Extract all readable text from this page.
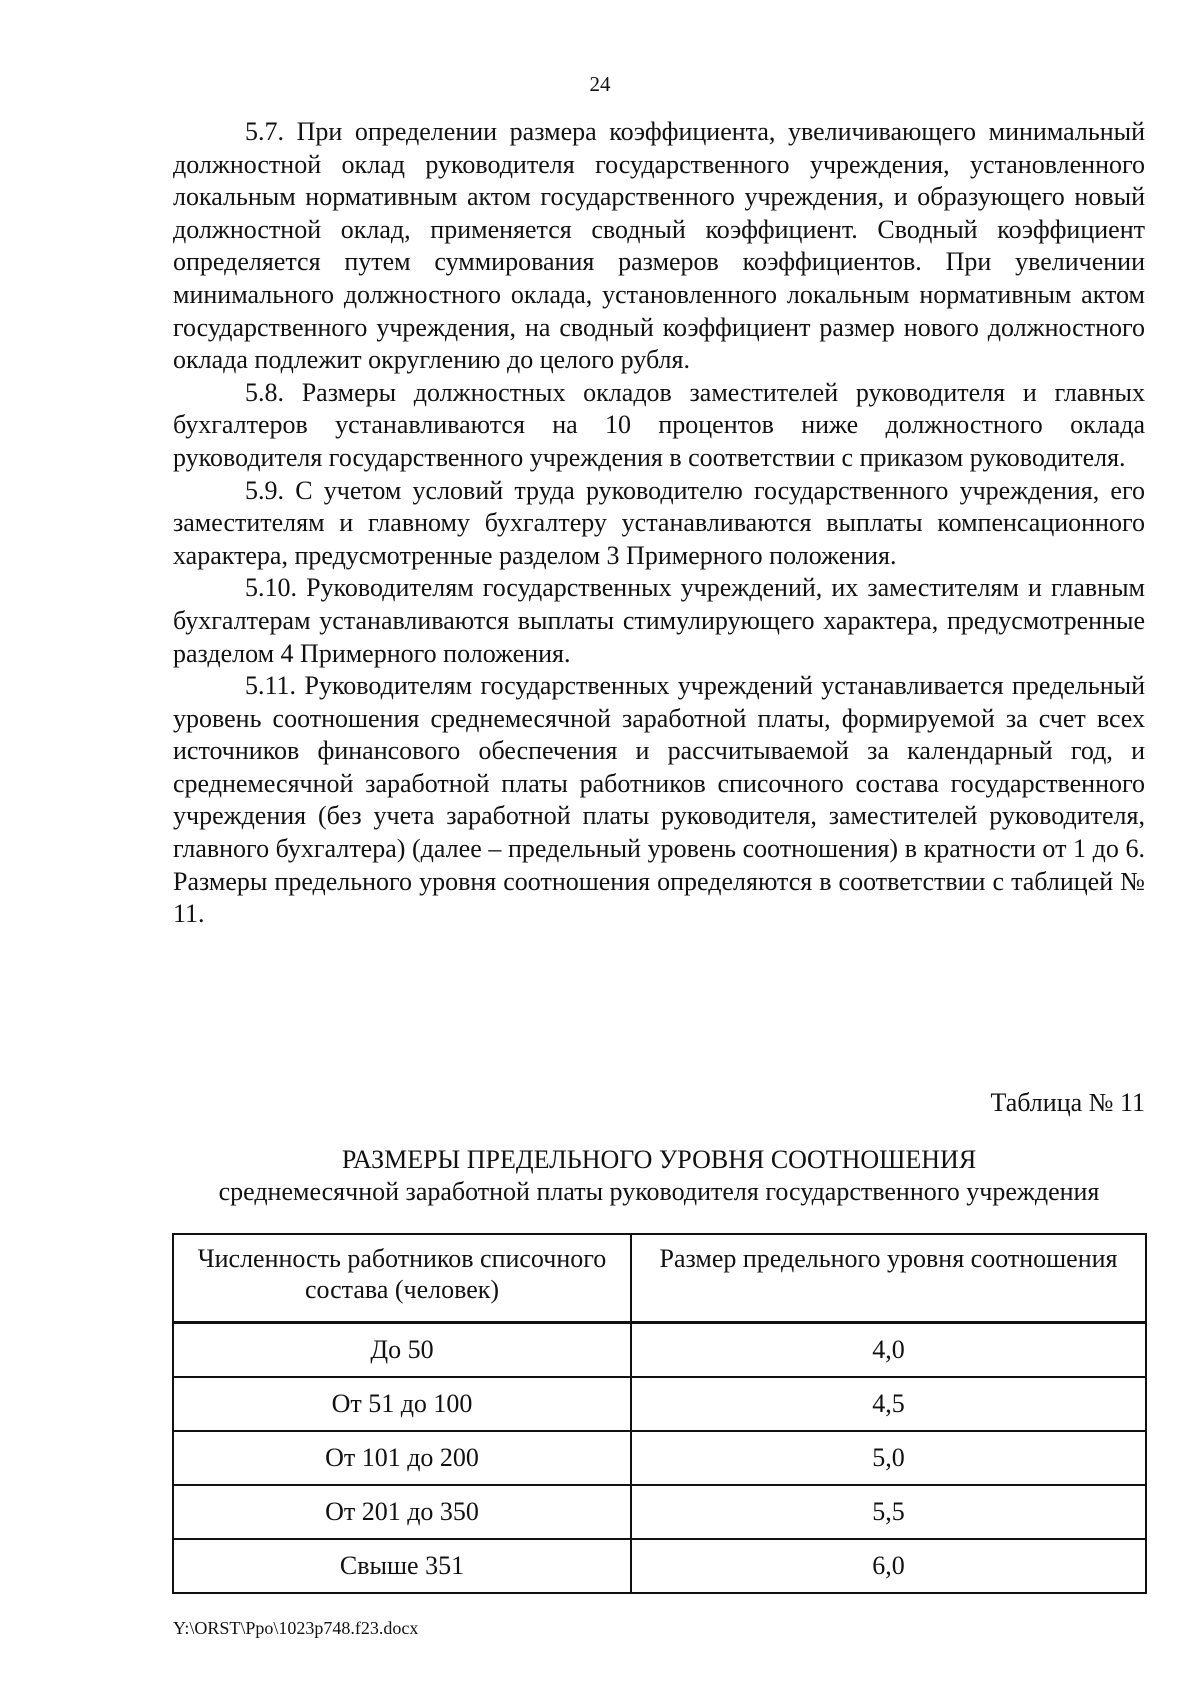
24

5.7. При определении размера коэффициента, увеличивающего минимальный должностной оклад руководителя государственного учреждения, установленного локальным нормативным актом государственного учреждения, и образующего новый должностной оклад, применяется сводный коэффициент. Сводный коэффициент определяется путем суммирования размеров коэффициентов. При увеличении минимального должностного оклада, установленного локальным нормативным актом государственного учреждения, на сводный коэффициент размер нового должностного оклада подлежит округлению до целого рубля.

5.8. Размеры должностных окладов заместителей руководителя и главных бухгалтеров устанавливаются на 10 процентов ниже должностного оклада руководителя государственного учреждения в соответствии с приказом руководителя.

5.9. С учетом условий труда руководителю государственного учреждения, его заместителям и главному бухгалтеру устанавливаются выплаты компенсационного характера, предусмотренные разделом 3 Примерного положения.

5.10. Руководителям государственных учреждений, их заместителям и главным бухгалтерам устанавливаются выплаты стимулирующего характера, предусмотренные разделом 4 Примерного положения.

5.11. Руководителям государственных учреждений устанавливается предельный уровень соотношения среднемесячной заработной платы, формируемой за счет всех источников финансового обеспечения и рассчитываемой за календарный год, и среднемесячной заработной платы работников списочного состава государственного учреждения (без учета заработной платы руководителя, заместителей руководителя, главного бухгалтера) (далее – предельный уровень соотношения) в кратности от 1 до 6. Размеры предельного уровня соотношения определяются в соответствии с таблицей № 11.

Таблица № 11
РАЗМЕРЫ ПРЕДЕЛЬНОГО УРОВНЯ СООТНОШЕНИЯ
среднемесячной заработной платы руководителя государственного учреждения
Численность работников списочного состава (человек)	Размер предельного уровня соотношения
До 50	4,0
От 51 до 100	4,5
От 101 до 200	5,0
От 201 до 350	5,5
Свыше 351	6,0
Y:\ORST\Ppo\1023p748.f23.docx
